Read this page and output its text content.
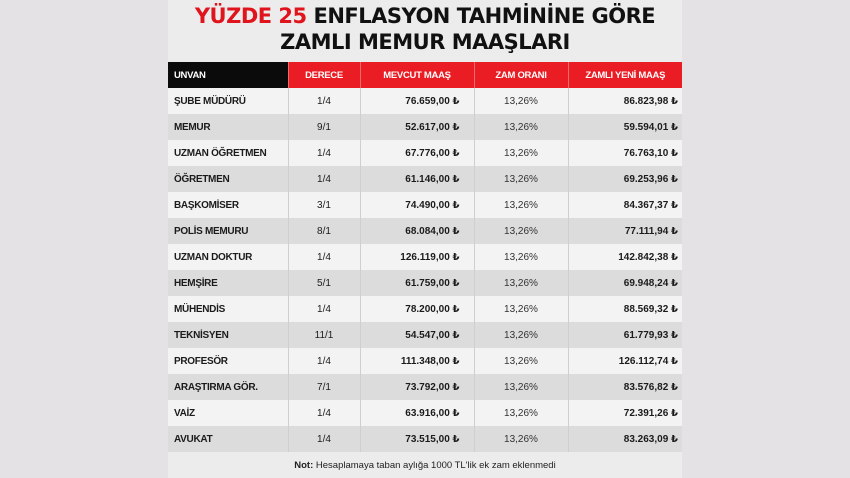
YÜZDE 25 ENFLASYON TAHMİNİNE GÖRE
ZAMLI MEMUR MAAŞLARI
UNVAN	DERECE	MEVCUT MAAŞ	ZAM ORANI	ZAMLI YENİ MAAŞ
ŞUBE MÜDÜRÜ	1/4	76.659,00 ₺	13,26%	86.823,98 ₺
MEMUR	9/1	52.617,00 ₺	13,26%	59.594,01 ₺
UZMAN ÖĞRETMEN	1/4	67.776,00 ₺	13,26%	76.763,10 ₺
ÖĞRETMEN	1/4	61.146,00 ₺	13,26%	69.253,96 ₺
BAŞKOMİSER	3/1	74.490,00 ₺	13,26%	84.367,37 ₺
POLİS MEMURU	8/1	68.084,00 ₺	13,26%	77.111,94 ₺
UZMAN DOKTUR	1/4	126.119,00 ₺	13,26%	142.842,38 ₺
HEMŞİRE	5/1	61.759,00 ₺	13,26%	69.948,24 ₺
MÜHENDİS	1/4	78.200,00 ₺	13,26%	88.569,32 ₺
TEKNİSYEN	11/1	54.547,00 ₺	13,26%	61.779,93 ₺
PROFESÖR	1/4	111.348,00 ₺	13,26%	126.112,74 ₺
ARAŞTIRMA GÖR.	7/1	73.792,00 ₺	13,26%	83.576,82 ₺
VAİZ	1/4	63.916,00 ₺	13,26%	72.391,26 ₺
AVUKAT	1/4	73.515,00 ₺	13,26%	83.263,09 ₺
Not: Hesaplamaya taban aylığa 1000 TL'lik ek zam eklenmedi
